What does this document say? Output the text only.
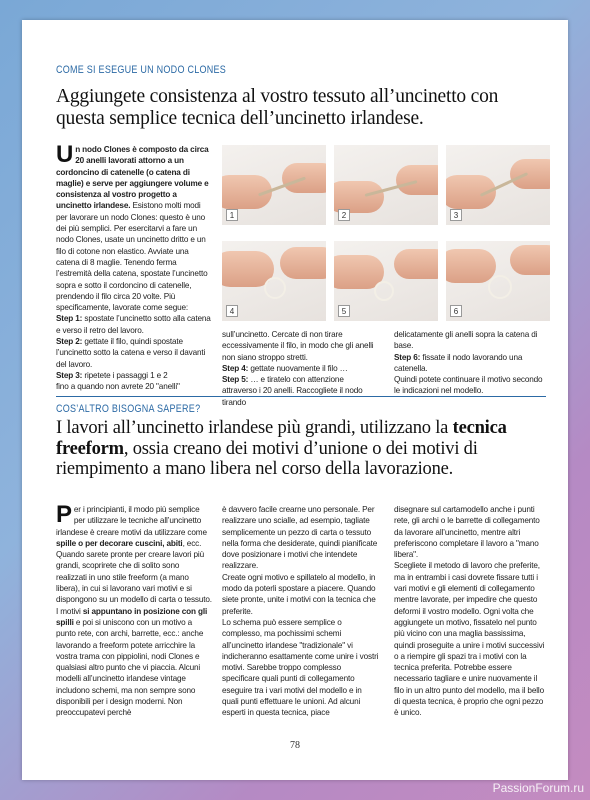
COME SI ESEGUE UN NODO CLONES
Aggiungete consistenza al vostro tessuto all’uncinetto con questa semplice tecnica dell’uncinetto irlandese.

Un nodo Clones è composto da circa 20 anelli lavorati attorno a un cordoncino di catenelle (o catena di maglie) e serve per aggiungere volume e consistenza al vostro progetto a uncinetto irlandese. Esistono molti modi per lavorare un nodo Clones: questo è uno dei più semplici. Per esercitarvi a fare un nodo Clones, usate un uncinetto dritto e un filo di cotone non elastico. Avviate una catena di 8 maglie. Tenendo ferma l’estremità della catena, spostate l’uncinetto sopra e sotto il cordoncino di catenelle, prendendo il filo circa 20 volte. Più specificamente, lavorate come segue:

Step 1: spostate l’uncinetto sotto alla catena e verso il retro del lavoro.

Step 2: gettate il filo, quindi spostate l’uncinetto sotto la catena e verso il davanti del lavoro.

Step 3: ripetete i passaggi 1 e 2

fino a quando non avrete 20 "anelli"

1	2	3
4	5	6

sull’uncinetto. Cercate di non tirare eccessivamente il filo, in modo che gli anelli non siano stroppo stretti.

Step 4: gettate nuovamente il filo …

Step 5: … e tiratelo con attenzione attraverso i 20 anelli. Raccogliete il nodo tirando

delicatamente gli anelli sopra la catena di base.

Step 6: fissate il nodo lavorando una catenella.

Quindi potete continuare il motivo secondo le indicazioni nel modello.

COS’ALTRO BISOGNA SAPERE?
I lavori all’uncinetto irlandese più grandi, utilizzano la tecnica freeform, ossia creano dei motivi d’unione o dei motivi di riempimento a mano libera nel corso della lavorazione.

Per i principianti, il modo più semplice per utilizzare le tecniche all’uncinetto irlandese è creare motivi da utilizzare come spille o per decorare cuscini, abiti, ecc. Quando sarete pronte per creare lavori più grandi, scoprirete che di solito sono realizzati in uno stile freeform (a mano libera), in cui si lavorano vari motivi e si dispongono su un modello di carta o tessuto. I motivi si appuntano in posizione con gli spilli e poi si uniscono con un motivo a punto rete, con archi, barrette, ecc.: anche lavorando a freeform potete arricchire la vostra trama con pippiolini, nodi Clones e qualsiasi altro punto che vi piaccia. Alcuni modelli all’uncinetto irlandese vintage includono schemi, ma non sempre sono disponibili per i design moderni. Non preoccupatevi perchè

è davvero facile crearne uno personale. Per realizzare uno scialle, ad esempio, tagliate semplicemente un pezzo di carta o tessuto nella forma che desiderate, quindi pianificate dove posizionare i motivi che intendete realizzare.

Create ogni motivo e spillatelo al modello, in modo da poterli spostare a piacere. Quando siete pronte, unite i motivi con la tecnica che preferite.

Lo schema può essere semplice o complesso, ma pochissimi schemi all’uncinetto irlandese "tradizionale" vi indicheranno esattamente come unire i vostri motivi. Sarebbe troppo complesso specificare quali punti di collegamento eseguire tra i vari motivi del modello e in quali punti effettuare le unioni. Ad alcuni esperti in questa tecnica, piace

disegnare sul cartamodello anche i punti rete, gli archi o le barrette di collegamento da lavorare all’uncinetto, mentre altri preferiscono completare il lavoro a "mano libera".

Scegliete il metodo di lavoro che preferite, ma in entrambi i casi dovrete fissare tutti i vari motivi e gli elementi di collegamento mentre lavorate, per impedire che questo deformi il vostro modello. Ogni volta che aggiungete un motivo, fissatelo nel punto più vicino con una maglia bassissima, quindi proseguite a unire i motivi successivi o a riempire gli spazi tra i motivi con la tecnica preferita. Potrebbe essere necessario tagliare e unire nuovamente il filo in un altro punto del modello, ma il bello di questa tecnica, è proprio che ogni pezzo è unico.

78
PassionForum.ru
